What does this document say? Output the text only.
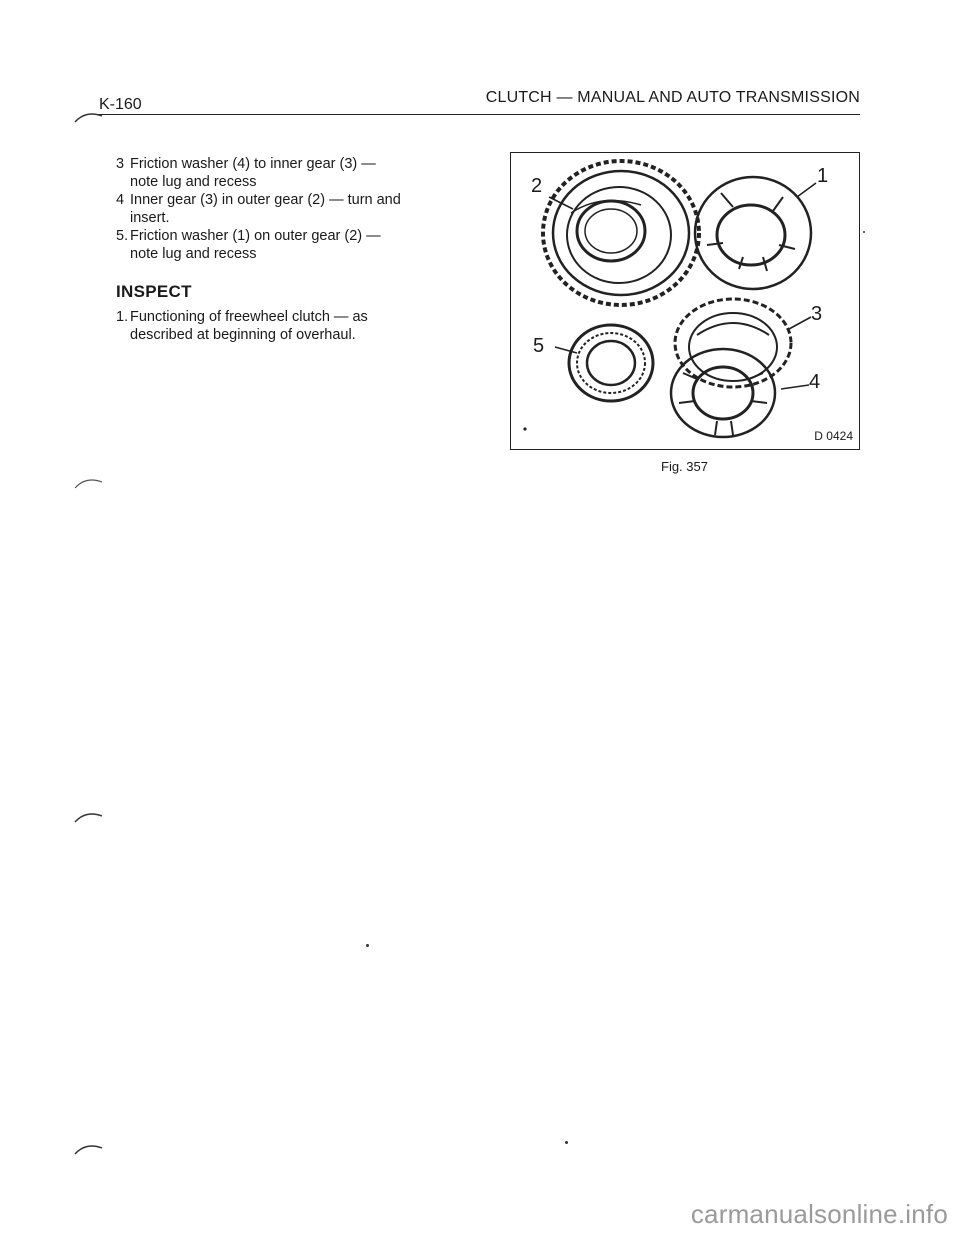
K-160	CLUTCH — MANUAL AND AUTO TRANSMISSION
3 Friction washer (4) to inner gear (3) —
note lug and recess
4 Inner gear (3) in outer gear (2) — turn and
insert.
5. Friction washer (1) on outer gear (2) —
note lug and recess
INSPECT
1. Functioning of freewheel clutch — as
described at beginning of overhaul.
2	1
3
4
5
D 0424
Fig. 357
carmanualsonline.info
